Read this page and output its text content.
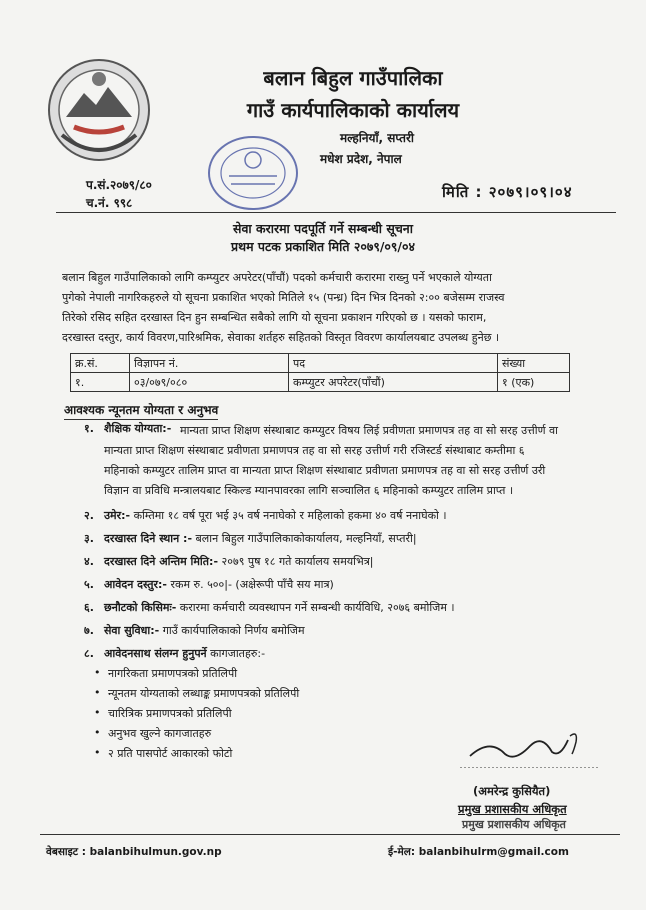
बलान बिहुल गाउँपालिका
गाउँ कार्यपालिकाको कार्यालय
मल्हनियाँ, सप्तरी
मधेश प्रदेश, नेपाल
प.सं.२०७९/८०
च.नं. ९९८
मिति : २०७९।०९।०४
सेवा करारमा पदपूर्ति गर्ने सम्बन्धी सूचना
प्रथम पटक प्रकाशित मिति २०७९/०९/०४
बलान बिहुल गाउँपालिकाको लागि कम्प्युटर अपरेटर(पाँचौं) पदको कर्मचारी करारमा राख्नु पर्ने भएकाले योग्यता
पुगेको नेपाली नागरिकहरुले यो सूचना प्रकाशित भएको मितिले १५ (पन्ध्र) दिन भित्र दिनको २:०० बजेसम्म राजस्व
तिरेको रसिद सहित दरखास्त दिन हुन सम्बन्धित सबैको लागि यो सूचना प्रकाशन गरिएको छ । यसको फाराम,
दरखास्त दस्तुर, कार्य विवरण,पारिश्रमिक, सेवाका शर्तहरु सहितको विस्तृत विवरण कार्यालयबाट उपलब्ध हुनेछ ।
क्र.सं.	विज्ञापन नं.	पद	संख्या
१.	०३/०७९/०८०	कम्प्युटर अपरेटर(पाँचौं)	१ (एक)
आवश्यक न्यूनतम योग्यता र अनुभव
१. शैक्षिक योग्यता:- मान्यता प्राप्त शिक्षण संस्थाबाट कम्प्युटर विषय लिई प्रवीणता प्रमाणपत्र तह वा सो सरह उत्तीर्ण वा
मान्यता प्राप्त शिक्षण संस्थाबाट प्रवीणता प्रमाणपत्र तह वा सो सरह उत्तीर्ण गरी रजिस्टर्ड संस्थाबाट कम्तीमा ६
महिनाको कम्प्युटर तालिम प्राप्त वा मान्यता प्राप्त शिक्षण संस्थाबाट प्रवीणता प्रमाणपत्र तह वा सो सरह उत्तीर्ण उरी
विज्ञान वा प्रविधि मन्त्रालयबाट स्किल्ड म्यानपावरका लागि सञ्चालित ६ महिनाको कम्प्युटर तालिम प्राप्त ।
२. उमेर:- कम्तिमा १८ वर्ष पूरा भई ३५ वर्ष ननाघेको र महिलाको हकमा ४० वर्ष ननाघेको ।
३. दरखास्त दिने स्थान :- बलान बिहुल गाउँपालिकाकोकार्यालय, मल्हनियाँ, सप्तरी|
४. दरखास्त दिने अन्तिम मिति:- २०७९ पुष १८ गते कार्यालय समयभित्र|
५. आवेदन दस्तुर:- रकम रु. ५००|- (अक्षेरूपी पाँचै सय मात्र)
६. छनौटको किसिमः- करारमा कर्मचारी व्यवस्थापन गर्ने सम्बन्धी कार्यविधि, २०७६ बमोजिम ।
७. सेवा सुविधा:- गाउँ कार्यपालिकाको निर्णय बमोजिम
८. आवेदनसाथ संलग्न हुनुपर्ने कागजातहरु:-
• नागरिकता प्रमाणपत्रको प्रतिलिपी
• न्यूनतम योग्यताको लब्धाङ्क प्रमाणपत्रको प्रतिलिपी
• चारित्रिक प्रमाणपत्रको प्रतिलिपी
• अनुभव खुल्ने कागजातहरु
• २ प्रति पासपोर्ट आकारको फोटो
(अमरेन्द्र कुसियैत)
प्रमुख प्रशासकीय अधिकृत
प्रमुख प्रशासकीय अधिकृत
वेबसाइट : balanbihulmun.gov.np	ई-मेल: balanbihulrm@gmail.com
